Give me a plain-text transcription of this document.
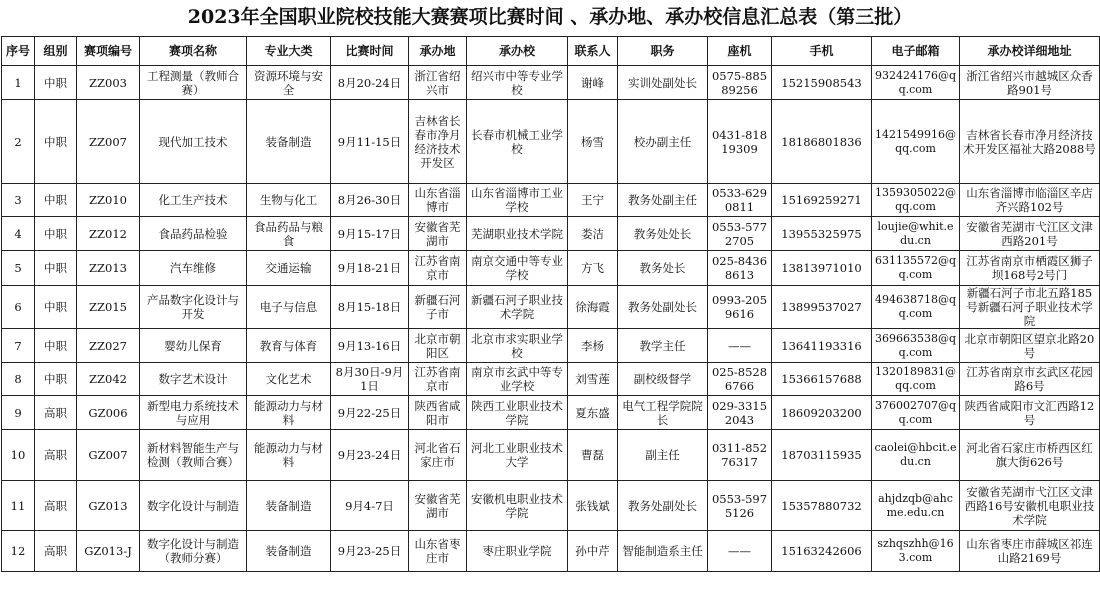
2023年全国职业院校技能大赛赛项比赛时间 、承办地、承办校信息汇总表（第三批）
序号	组别	赛项编号	赛项名称	专业大类	比赛时间	承办地	承办校	联系人	职务	座机	手机	电子邮箱	承办校详细地址
1	中职	ZZ003	工程测量（教师合赛）	资源环境与安全	8月20-24日	浙江省绍兴市	绍兴市中等专业学校	谢峰	实训处副处长	0575-88589256	15215908543	932424176@qq.com	浙江省绍兴市越城区众香路901号
2	中职	ZZ007	现代加工技术	装备制造	9月11-15日	吉林省长春市净月经济技术开发区	长春市机械工业学校	杨雪	校办副主任	0431-81819309	18186801836	1421549916@qq.com	吉林省长春市净月经济技术开发区福祉大路2088号
3	中职	ZZ010	化工生产技术	生物与化工	8月26-30日	山东省淄博市	山东省淄博市工业学校	王宁	教务处副主任	0533-6290811	15169259271	1359305022@qq.com	山东省淄博市临淄区辛店齐兴路102号
4	中职	ZZ012	食品药品检验	食品药品与粮食	9月15-17日	安徽省芜湖市	芜湖职业技术学院	娄洁	教务处处长	0553-5772705	13955325975	loujie@whit.edu.cn	安徽省芜湖市弋江区文津西路201号
5	中职	ZZ013	汽车维修	交通运输	9月18-21日	江苏省南京市	南京交通中等专业学校	方飞	教务处长	025-84368613	13813971010	631135572@qq.com	江苏省南京市栖霞区狮子坝168号2号门
6	中职	ZZ015	产品数字化设计与开发	电子与信息	8月15-18日	新疆石河子市	新疆石河子职业技术学院	徐海霞	教务处副处长	0993-2059616	13899537027	494638718@qq.com	新疆石河子市北五路185号新疆石河子职业技术学院
7	中职	ZZ027	婴幼儿保育	教育与体育	9月13-16日	北京市朝阳区	北京市求实职业学校	李杨	教学主任	——	13641193316	369663538@qq.com	北京市朝阳区望京北路20号
8	中职	ZZ042	数字艺术设计	文化艺术	8月30日-9月1日	江苏省南京市	南京市玄武中等专业学校	刘雪莲	副校级督学	025-85286766	15366157688	1320189831@qq.com	江苏省南京市玄武区花园路6号
9	高职	GZ006	新型电力系统技术与应用	能源动力与材料	9月22-25日	陕西省咸阳市	陕西工业职业技术学院	夏东盛	电气工程学院院长	029-33152043	18609203200	376002707@qq.com	陕西省咸阳市文汇西路12号
10	高职	GZ007	新材料智能生产与检测（教师合赛）	能源动力与材料	9月23-24日	河北省石家庄市	河北工业职业技术大学	曹磊	副主任	0311-85276317	18703115935	caolei@hbcit.edu.cn	河北省石家庄市桥西区红旗大街626号
11	高职	GZ013	数字化设计与制造	装备制造	9月4-7日	安徽省芜湖市	安徽机电职业技术学院	张钱斌	教务处副处长	0553-5975126	15357880732	ahjdzqb@ahcme.edu.cn	安徽省芜湖市弋江区文津西路16号安徽机电职业技术学院
12	高职	GZ013-J	数字化设计与制造（教师分赛）	装备制造	9月23-25日	山东省枣庄市	枣庄职业学院	孙中芹	智能制造系主任	——	15163242606	szhqszhh@163.com	山东省枣庄市薛城区祁连山路2169号
